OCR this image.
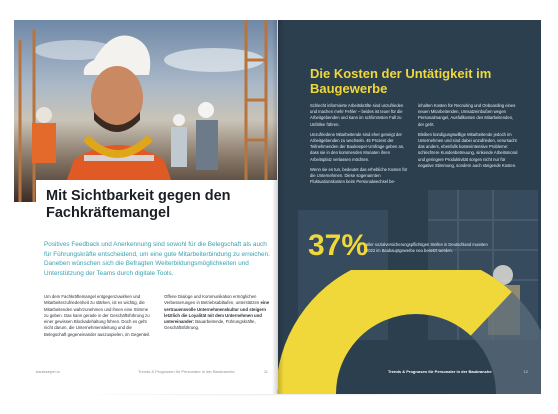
Mit Sichtbarkeit gegen den Fachkräftemangel
Positives Feedback und Anerkennung sind sowohl für die Belegschaft als auch für Führungskräfte entscheidend, um eine gute Mitarbeiterbindung zu erreichen. Daneben wünschen sich die Befragten Weiterbildungsmöglichkeiten und Unterstützung der Teams durch digitale Tools.
Um dem Fachkräftemangel entgegenzuwirken und Mitarbeiterzufriedenheit zu stärken, ist es wichtig, die Mitarbeitenden wahrzunehmen und ihnen eine Stimme zu geben. Das kann gerade in der Geschäftsführung zu einer gewissen Blockadehaltung führen. Doch es geht nicht darum, die Unternehmensleitung und die Belegschaft gegeneinander auszuspielen, im Gegenteil.
Offene Dialoge und Kommunikation ermöglichen Verbesserungen in Betriebsabläufen, unterstützen eine vertrauensvolle Unternehmenskultur und steigern letztlich die Loyalität mit dem Unternehmen und untereinander: Bauarbeitende, Führungskräfte, Geschäftsführung.
bauleseper.io	Trends & Prognosen für Personaler in der Baubranche	11
Die Kosten der Untätigkeit im Baugewerbe

Schlecht informierte Arbeitskräfte sind unzufrieden und machen mehr Fehler – beides ist teuer für die Arbeitgebenden und kann im schlimmsten Fall zu Unfällen führen.

Unzufriedene Mitarbeitende sind eher geneigt der Arbeitgebenden zu wechseln. 45 Prozent der Teilnehmenden der Baukeeper-Umfrage geben an, dass sie in den kommenden Monaten ihren Arbeitsplatz verlassen möchten.

Wenn sie es tun, bedeutet das erhebliche Kosten für die Unternehmen. Diese sogenannten Fluktuationskosten beim Personalwechsel be-

inhalten Kosten für Recruiting und Onboarding eines neuen Mitarbeitenden, Umsatzeinbußen wegen Personalmangel, Ausfallkosten des Mitarbeitenden, der geht.

Bleiben kündigungswillige Mitarbeitende jedoch im Unternehmen und sind dabei unzufrieden, verursacht das anders, ebenfalls kostenintensive Probleme: schlechtere Kundenbetreuung, sinkende Arbeitsmoral und geringere Produktivität sorgen nicht nur für negative Stimmung, sondern auch steigende Kosten.

37%
aller sozialversicherungspflichtigen Stellen in Deutschland mussten 2022 im Baubauptgewerbe neu besetzt werden.
bauleseper.io	Trends & Prognosen für Personaler in der Baubranche	12
